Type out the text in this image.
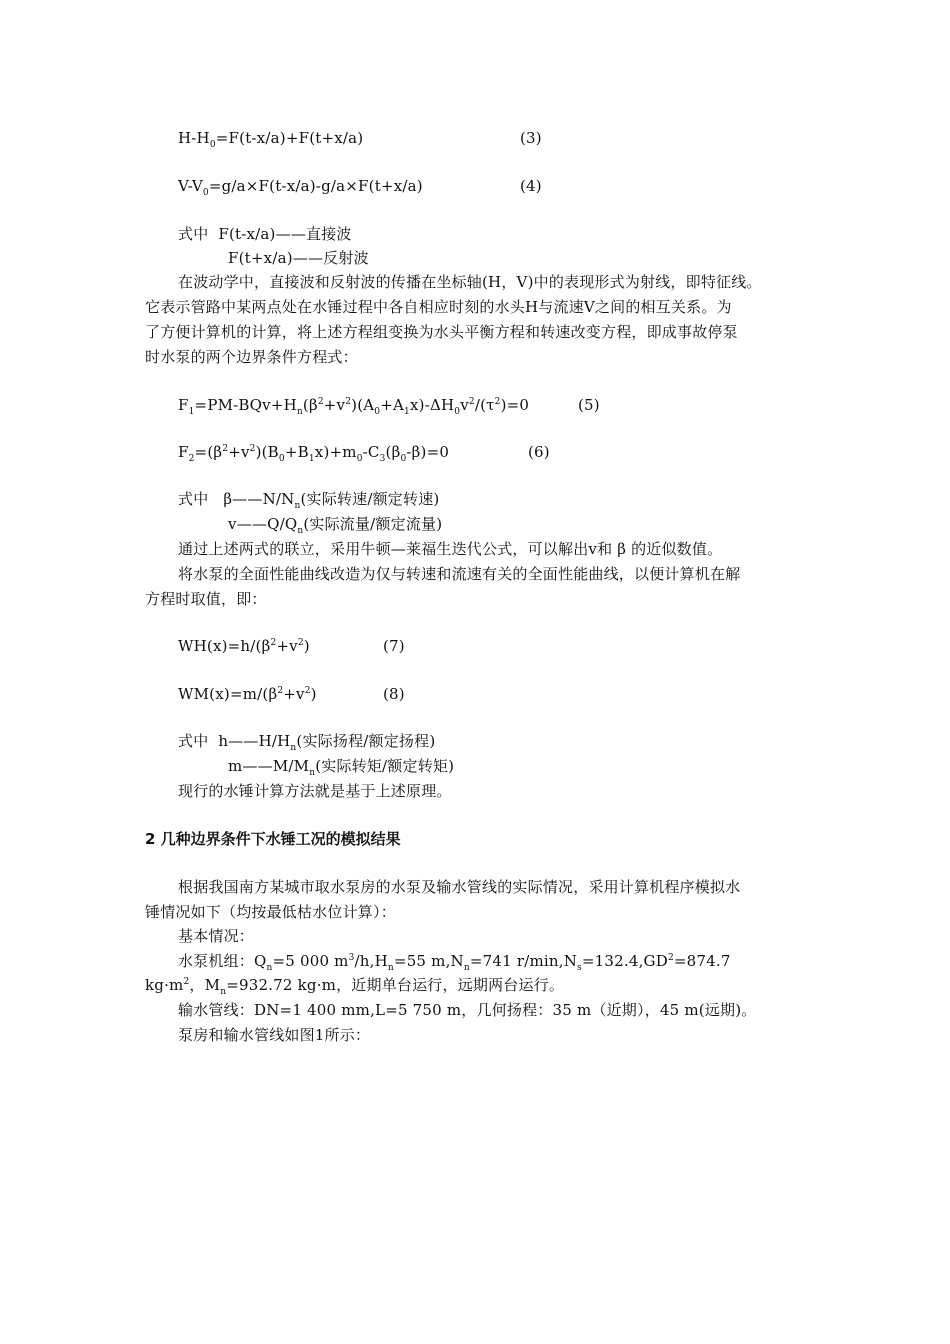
$H-H_0=F(t-x/a)+F(t+x/a)$	(3)
$V-V_0=g/a\times F(t-x/a)-g/a\times F(t+x/a)$	(4)
式中 F(t-x/a)——直接波
F(t+x/a)——反射波
在波动学中，直接波和反射波的传播在坐标轴(H，V)中的表现形式为射线，即特征线。
它表示管路中某两点处在水锤过程中各自相应时刻的水头H与流速V之间的相互关系。为
了方便计算机的计算，将上述方程组变换为水头平衡方程和转速改变方程，即成事故停泵
时水泵的两个边界条件方程式：
$F_1=PM-BQv+H_n(\beta^2+v^2)(A_0+A_1x)-\Delta H_0v^2/(\tau^2)=0$	(5)
$F_2=(\beta^2+v^2)(B_0+B_1x)+m_0-C_3(\beta_0-\beta)=0$	(6)
式中 $\beta——N/N_n$(实际转速/额定转速)
$v——Q/Q_n$(实际流量/额定流量)
通过上述两式的联立，采用牛顿—莱福生迭代公式，可以解出v和 β 的近似数值。
将水泵的全面性能曲线改造为仅与转速和流速有关的全面性能曲线，以便计算机在解
方程时取值，即：
$WH(x)=h/(\beta^2+v^2)$	(7)
$WM(x)=m/(\beta^2+v^2)$	(8)
式中 $h——H/H_n$(实际扬程/额定扬程)
$m——M/M_n$(实际转矩/额定转矩)
现行的水锤计算方法就是基于上述原理。
2 几种边界条件下水锤工况的模拟结果
根据我国南方某城市取水泵房的水泵及输水管线的实际情况，采用计算机程序模拟水
锤情况如下（均按最低枯水位计算）：
基本情况：
水泵机组：$Q_n=5$ 000 $m^3/h,H_n=55$ $m,N_n=741$ $r/\min,N_s=132.4,GD^2=874.7$
$kg\cdot m^2$，$M_n=932.72$ kg·m，近期单台运行，远期两台运行。
输水管线：DN=1 400 mm,L=5 750 m，几何扬程：35 m（近期），45 m(远期)。
泵房和输水管线如图1所示：
